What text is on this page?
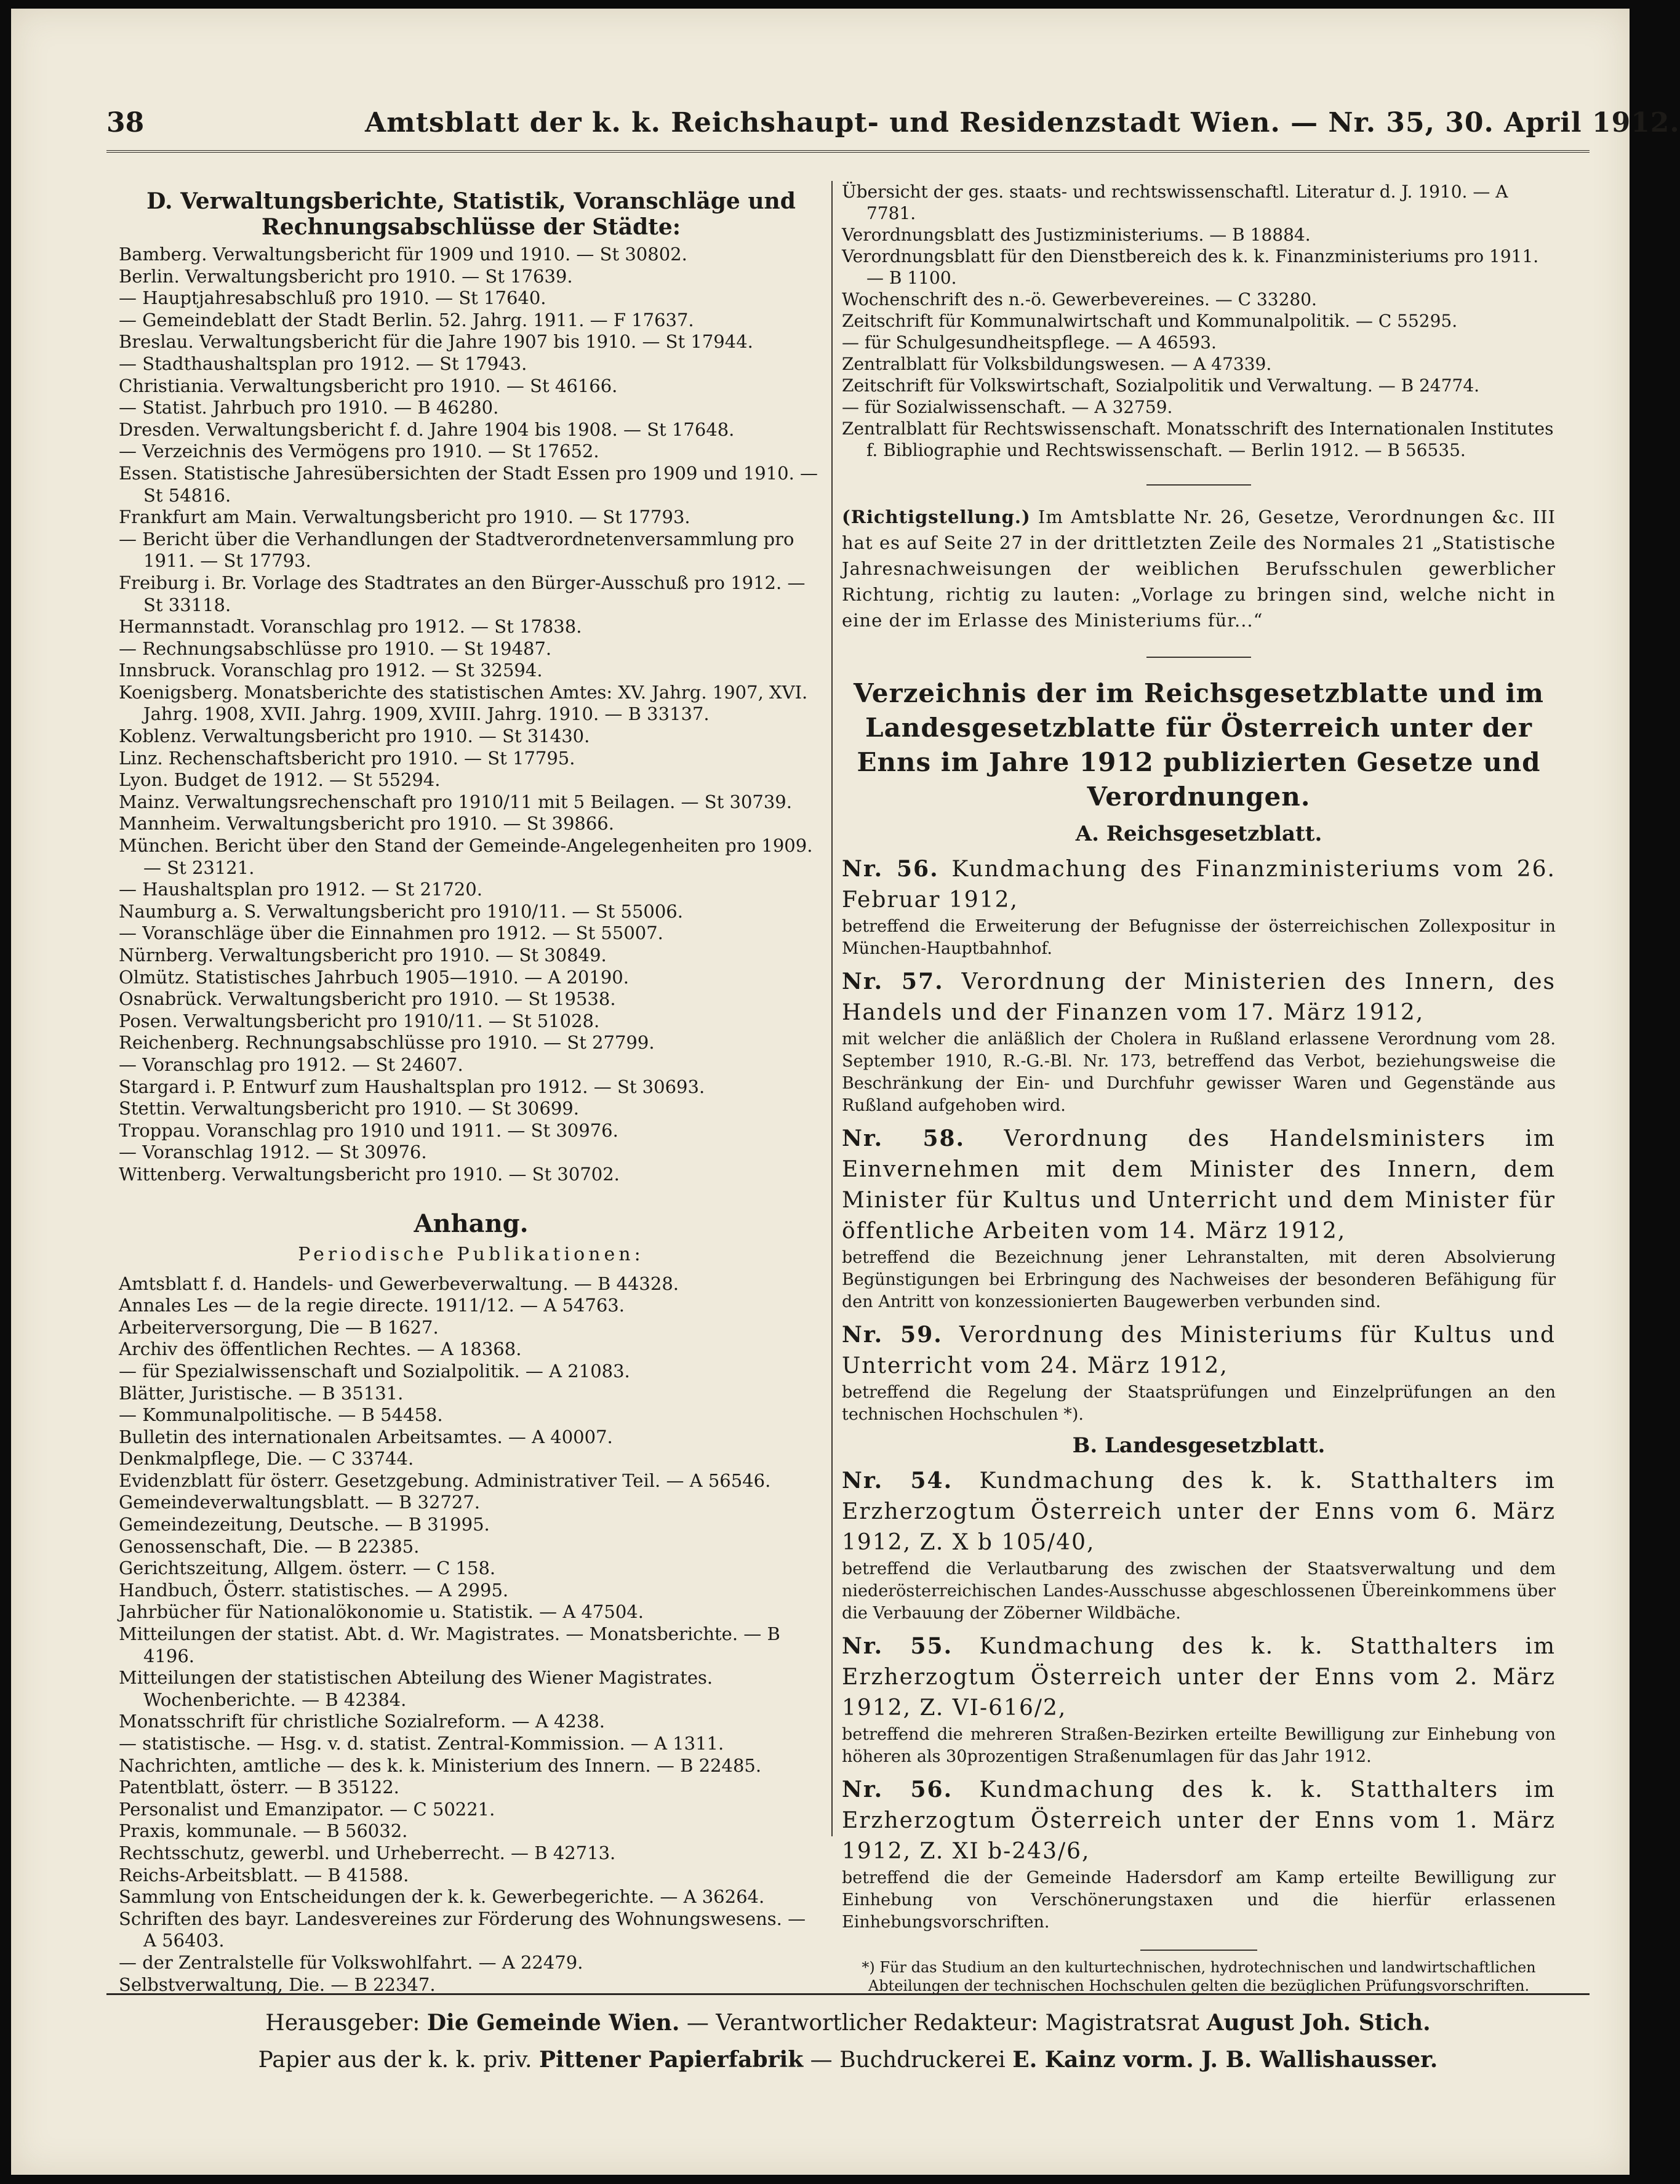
38	Amtsblatt der k. k. Reichshaupt- und Residenzstadt Wien. — Nr. 35, 30. April 1912.
D. Verwaltungsberichte, Statistik, Voranschläge und Rechnungsabschlüsse der Städte:
Bamberg. Verwaltungsbericht für 1909 und 1910. — St 30802.
Berlin. Verwaltungsbericht pro 1910. — St 17639.
— Hauptjahresabschluß pro 1910. — St 17640.
— Gemeindeblatt der Stadt Berlin. 52. Jahrg. 1911. — F 17637.
Breslau. Verwaltungsbericht für die Jahre 1907 bis 1910. — St 17944.
— Stadthaushaltsplan pro 1912. — St 17943.
Christiania. Verwaltungsbericht pro 1910. — St 46166.
— Statist. Jahrbuch pro 1910. — B 46280.
Dresden. Verwaltungsbericht f. d. Jahre 1904 bis 1908. — St 17648.
— Verzeichnis des Vermögens pro 1910. — St 17652.
Essen. Statistische Jahresübersichten der Stadt Essen pro 1909 und 1910. — St 54816.
Frankfurt am Main. Verwaltungsbericht pro 1910. — St 17793.
— Bericht über die Verhandlungen der Stadtverordnetenversammlung pro 1911. — St 17793.
Freiburg i. Br. Vorlage des Stadtrates an den Bürger-Ausschuß pro 1912. — St 33118.
Hermannstadt. Voranschlag pro 1912. — St 17838.
— Rechnungsabschlüsse pro 1910. — St 19487.
Innsbruck. Voranschlag pro 1912. — St 32594.
Koenigsberg. Monatsberichte des statistischen Amtes: XV. Jahrg. 1907, XVI. Jahrg. 1908, XVII. Jahrg. 1909, XVIII. Jahrg. 1910. — B 33137.
Koblenz. Verwaltungsbericht pro 1910. — St 31430.
Linz. Rechenschaftsbericht pro 1910. — St 17795.
Lyon. Budget de 1912. — St 55294.
Mainz. Verwaltungsrechenschaft pro 1910/11 mit 5 Beilagen. — St 30739.
Mannheim. Verwaltungsbericht pro 1910. — St 39866.
München. Bericht über den Stand der Gemeinde-Angelegenheiten pro 1909. — St 23121.
— Haushaltsplan pro 1912. — St 21720.
Naumburg a. S. Verwaltungsbericht pro 1910/11. — St 55006.
— Voranschläge über die Einnahmen pro 1912. — St 55007.
Nürnberg. Verwaltungsbericht pro 1910. — St 30849.
Olmütz. Statistisches Jahrbuch 1905—1910. — A 20190.
Osnabrück. Verwaltungsbericht pro 1910. — St 19538.
Posen. Verwaltungsbericht pro 1910/11. — St 51028.
Reichenberg. Rechnungsabschlüsse pro 1910. — St 27799.
— Voranschlag pro 1912. — St 24607.
Stargard i. P. Entwurf zum Haushaltsplan pro 1912. — St 30693.
Stettin. Verwaltungsbericht pro 1910. — St 30699.
Troppau. Voranschlag pro 1910 und 1911. — St 30976.
— Voranschlag 1912. — St 30976.
Wittenberg. Verwaltungsbericht pro 1910. — St 30702.
Anhang.
Periodische Publikationen:
Amtsblatt f. d. Handels- und Gewerbeverwaltung. — B 44328.
Annales Les — de la regie directe. 1911/12. — A 54763.
Arbeiterversorgung, Die — B 1627.
Archiv des öffentlichen Rechtes. — A 18368.
— für Spezialwissenschaft und Sozialpolitik. — A 21083.
Blätter, Juristische. — B 35131.
— Kommunalpolitische. — B 54458.
Bulletin des internationalen Arbeitsamtes. — A 40007.
Denkmalpflege, Die. — C 33744.
Evidenzblatt für österr. Gesetzgebung. Administrativer Teil. — A 56546.
Gemeindeverwaltungsblatt. — B 32727.
Gemeindezeitung, Deutsche. — B 31995.
Genossenschaft, Die. — B 22385.
Gerichtszeitung, Allgem. österr. — C 158.
Handbuch, Österr. statistisches. — A 2995.
Jahrbücher für Nationalökonomie u. Statistik. — A 47504.
Mitteilungen der statist. Abt. d. Wr. Magistrates. — Monatsberichte. — B 4196.
Mitteilungen der statistischen Abteilung des Wiener Magistrates. Wochenberichte. — B 42384.
Monatsschrift für christliche Sozialreform. — A 4238.
— statistische. — Hsg. v. d. statist. Zentral-Kommission. — A 1311.
Nachrichten, amtliche — des k. k. Ministerium des Innern. — B 22485.
Patentblatt, österr. — B 35122.
Personalist und Emanzipator. — C 50221.
Praxis, kommunale. — B 56032.
Rechtsschutz, gewerbl. und Urheberrecht. — B 42713.
Reichs-Arbeitsblatt. — B 41588.
Sammlung von Entscheidungen der k. k. Gewerbegerichte. — A 36264.
Schriften des bayr. Landesvereines zur Förderung des Wohnungswesens. — A 56403.
— der Zentralstelle für Volkswohlfahrt. — A 22479.
Selbstverwaltung, Die. — B 22347.
Übersicht der ges. staats- und rechtswissenschaftl. Literatur d. J. 1910. — A 7781.
Verordnungsblatt des Justizministeriums. — B 18884.
Verordnungsblatt für den Dienstbereich des k. k. Finanzministeriums pro 1911. — B 1100.
Wochenschrift des n.-ö. Gewerbevereines. — C 33280.
Zeitschrift für Kommunalwirtschaft und Kommunalpolitik. — C 55295.
— für Schulgesundheitspflege. — A 46593.
Zentralblatt für Volksbildungswesen. — A 47339.
Zeitschrift für Volkswirtschaft, Sozialpolitik und Verwaltung. — B 24774.
— für Sozialwissenschaft. — A 32759.
Zentralblatt für Rechtswissenschaft. Monatsschrift des Internationalen Institutes f. Bibliographie und Rechtswissenschaft. — Berlin 1912. — B 56535.
(Richtigstellung.) Im Amtsblatte Nr. 26, Gesetze, Verordnungen &c. III hat es auf Seite 27 in der drittletzten Zeile des Normales 21 „Statistische Jahresnachweisungen der weiblichen Berufsschulen gewerblicher Richtung, richtig zu lauten: „Vorlage zu bringen sind, welche nicht in eine der im Erlasse des Ministeriums für...“
Verzeichnis der im Reichsgesetzblatte und im Landesgesetzblatte für Österreich unter der Enns im Jahre 1912 publizierten Gesetze und Verordnungen.
A. Reichsgesetzblatt.
Nr. 56. Kundmachung des Finanzministeriums vom 26. Februar 1912,
betreffend die Erweiterung der Befugnisse der österreichischen Zollexpositur in München-Hauptbahnhof.
Nr. 57. Verordnung der Ministerien des Innern, des Handels und der Finanzen vom 17. März 1912,
mit welcher die anläßlich der Cholera in Rußland erlassene Verordnung vom 28. September 1910, R.-G.-Bl. Nr. 173, betreffend das Verbot, beziehungsweise die Beschränkung der Ein- und Durchfuhr gewisser Waren und Gegenstände aus Rußland aufgehoben wird.
Nr. 58. Verordnung des Handelsministers im Einvernehmen mit dem Minister des Innern, dem Minister für Kultus und Unterricht und dem Minister für öffentliche Arbeiten vom 14. März 1912,
betreffend die Bezeichnung jener Lehranstalten, mit deren Absolvierung Begünstigungen bei Erbringung des Nachweises der besonderen Befähigung für den Antritt von konzessionierten Baugewerben verbunden sind.
Nr. 59. Verordnung des Ministeriums für Kultus und Unterricht vom 24. März 1912,
betreffend die Regelung der Staatsprüfungen und Einzelprüfungen an den technischen Hochschulen *).
B. Landesgesetzblatt.
Nr. 54. Kundmachung des k. k. Statthalters im Erzherzogtum Österreich unter der Enns vom 6. März 1912, Z. X b 105/40,
betreffend die Verlautbarung des zwischen der Staatsverwaltung und dem niederösterreichischen Landes-Ausschusse abgeschlossenen Übereinkommens über die Verbauung der Zöberner Wildbäche.
Nr. 55. Kundmachung des k. k. Statthalters im Erzherzogtum Österreich unter der Enns vom 2. März 1912, Z. VI-616/2,
betreffend die mehreren Straßen-Bezirken erteilte Bewilligung zur Einhebung von höheren als 30prozentigen Straßenumlagen für das Jahr 1912.
Nr. 56. Kundmachung des k. k. Statthalters im Erzherzogtum Österreich unter der Enns vom 1. März 1912, Z. XI b-243/6,
betreffend die der Gemeinde Hadersdorf am Kamp erteilte Bewilligung zur Einhebung von Verschönerungstaxen und die hierfür erlassenen Einhebungsvorschriften.
*) Für das Studium an den kulturtechnischen, hydrotechnischen und landwirtschaftlichen Abteilungen der technischen Hochschulen gelten die bezüglichen Prüfungsvorschriften.
Herausgeber: Die Gemeinde Wien. — Verantwortlicher Redakteur: Magistratsrat August Joh. Stich.
Papier aus der k. k. priv. Pittener Papierfabrik — Buchdruckerei E. Kainz vorm. J. B. Wallishausser.
